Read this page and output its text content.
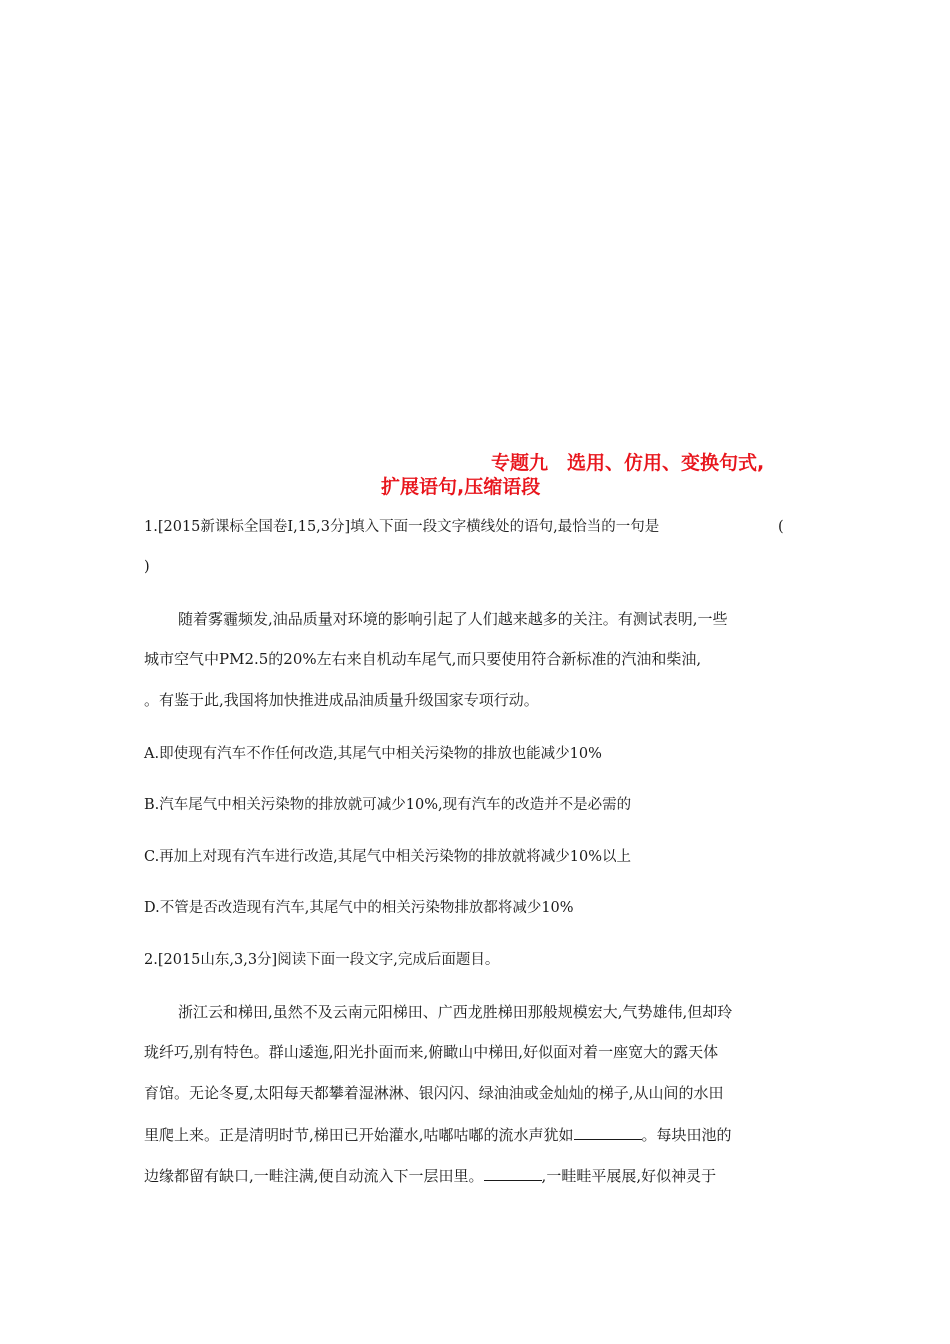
专题九　选用、仿用、变换句式,
扩展语句,压缩语段
1.[2015新课标全国卷Ⅰ,15,3分]填入下面一段文字横线处的语句,最恰当的一句是	(
)
随着雾霾频发,油品质量对环境的影响引起了人们越来越多的关注。有测试表明,一些
城市空气中PM2.5的20%左右来自机动车尾气,而只要使用符合新标准的汽油和柴油,
。有鉴于此,我国将加快推进成品油质量升级国家专项行动。
A.即使现有汽车不作任何改造,其尾气中相关污染物的排放也能减少10%
B.汽车尾气中相关污染物的排放就可减少10%,现有汽车的改造并不是必需的
C.再加上对现有汽车进行改造,其尾气中相关污染物的排放就将减少10%以上
D.不管是否改造现有汽车,其尾气中的相关污染物排放都将减少10%
2.[2015山东,3,3分]阅读下面一段文字,完成后面题目。
浙江云和梯田,虽然不及云南元阳梯田、广西龙胜梯田那般规模宏大,气势雄伟,但却玲
珑纤巧,别有特色。群山逶迤,阳光扑面而来,俯瞰山中梯田,好似面对着一座宽大的露天体
育馆。无论冬夏,太阳每天都攀着湿淋淋、银闪闪、绿油油或金灿灿的梯子,从山间的水田
里爬上来。正是清明时节,梯田已开始灌水,咕嘟咕嘟的流水声犹如	。每块田池的
边缘都留有缺口,一畦注满,便自动流入下一层田里。	,一畦畦平展展,好似神灵于
